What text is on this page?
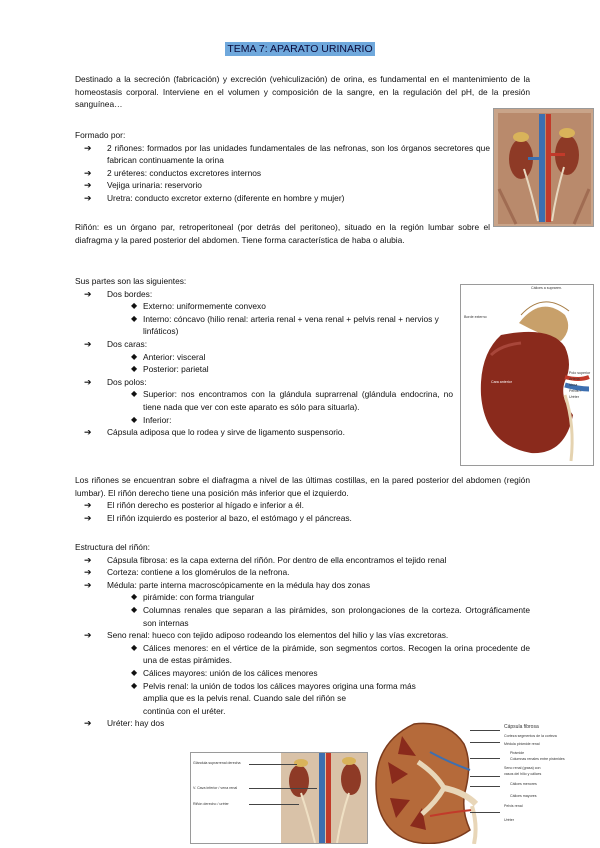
TEMA 7: APARATO URINARIO
Destinado a la secreción (fabricación) y excreción (vehiculización) de orina, es fundamental en el mantenimiento de la homeostasis corporal. Interviene en el volumen y composición de la sangre, en la regulación del pH, de la presión sanguínea…
Formado por:
➔ 2 riñones: formados por las unidades fundamentales de las nefronas, son los órganos secretores que fabrican continuamente la orina
➔ 2 uréteres: conductos excretores internos
➔ Vejiga urinaria: reservorio
➔ Uretra: conducto excretor externo (diferente en hombre y mujer)
Riñón: es un órgano par, retroperitoneal (por detrás del peritoneo), situado en la región lumbar sobre el diafragma y la pared posterior del abdomen. Tiene forma característica de haba o alubia.
Sus partes son las siguientes:
➔ Dos bordes:
◆ Externo: uniformemente convexo
◆ Interno: cóncavo (hilio renal: arteria renal + vena renal + pelvis renal + nervios y linfáticos)
➔ Dos caras:
◆ Anterior: visceral
◆ Posterior: parietal
➔ Dos polos:
◆ Superior: nos encontramos con la glándula suprarrenal (glándula endocrina, no tiene nada que ver con este aparato es sólo para situarla).
◆ Inferior:
➔ Cápsula adiposa que lo rodea y sirve de ligamento suspensorio.
Los riñones se encuentran sobre el diafragma a nivel de las últimas costillas, en la pared posterior del abdomen (región lumbar). El riñón derecho tiene una posición más inferior que el izquierdo.
➔ El riñón derecho es posterior al hígado e inferior a él.
➔ El riñón izquierdo es posterior al bazo, el estómago y el páncreas.
Estructura del riñón:
➔ Cápsula fibrosa: es la capa externa del riñón. Por dentro de ella encontramos el tejido renal
➔ Corteza: contiene a los glomérulos de la nefrona.
➔ Médula: parte interna macroscópicamente en la médula hay dos zonas
◆ pirámide: con forma triangular
◆ Columnas renales que separan a las pirámides, son prolongaciones de la corteza. Ortográficamente son internas
➔ Seno renal: hueco con tejido adiposo rodeando los elementos del hilio y las vías excretoras.
◆ Cálices menores: en el vértice de la pirámide, son segmentos cortos. Recogen la orina procedente de una de estas pirámides.
◆ Cálices mayores: unión de los cálices menores
◆ Pelvis renal: la unión de todos los cálices mayores origina una forma más amplia que es la pelvis renal. Cuando sale del riñón se
continúa con el uréter.
➔ Uréter: hay dos
Cálices a supraren.
Borde externo
Cara anterior
Polo superior
Arteria
Vena
Pelvis r.
Uréter
Cápsula fibrosa
Corteza segmentos de la corteza
Médula pirámide renal
Pirámide
Columnas renales entre pirámides
Seno renal (grasa) con
vasos del hilio y cálices
Cálices menores
Cálices mayores
Pelvis renal
Uréter
Glándula suprarrenal derecha
V. Cava inferior / vena renal
Riñón derecho / uréter
